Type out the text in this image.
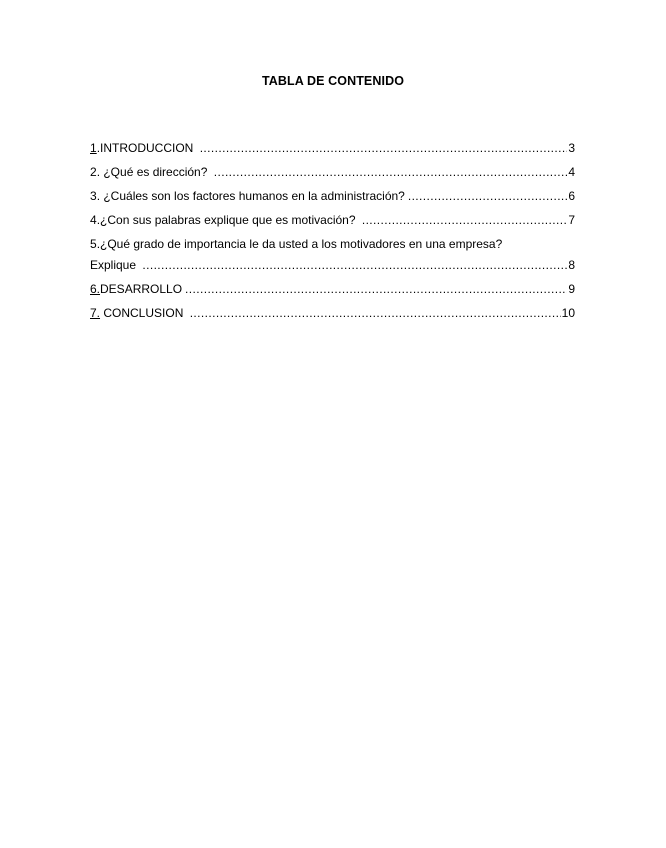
TABLA DE CONTENIDO
1 .INTRODUCCION .....	3
2 . ¿Qué es dirección? .....	4
3 . ¿Cuáles son los factores humanos en la administración? .....	6
4 .¿Con sus palabras explique que es motivación? .....	7
5.¿Qué grado de importancia le da usted a los motivadores en una empresa?
Explique .....	8
6. DESARROLLO .....	9
7. CONCLUSION .....	10
